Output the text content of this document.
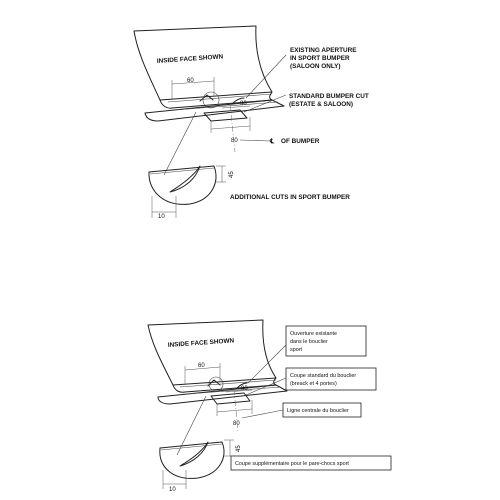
INSIDE FACE SHOWN
60
90
80
EXISTING APERTURE
IN SPORT BUMPER
(SALOON ONLY)
STANDARD BUMPER CUT
(ESTATE & SALOON)
℄ OF BUMPER
45
10
ADDITIONAL CUTS IN SPORT BUMPER
INSIDE FACE SHOWN
60
90
80
Ouverture existante
dans le bouclier
sport
Coupe standard du bouclier
(breack et 4 portes)
Ligne centrale du bouclier
45
10
Coupe supplémentaire pour le pare-chocs sport
